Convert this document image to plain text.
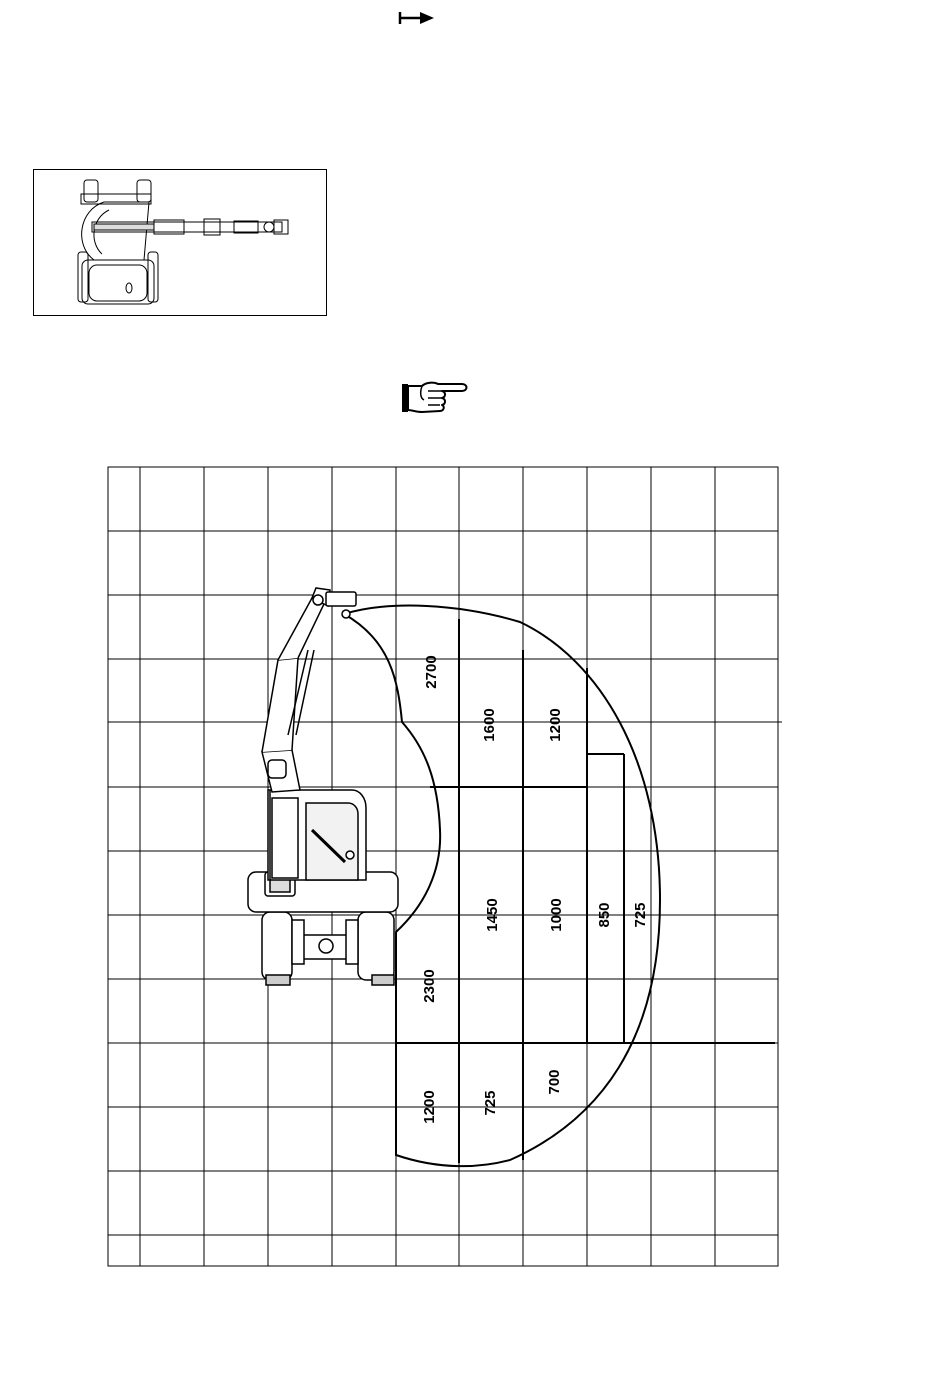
2700
1600	1200
1450	1000 850 725
2300
1200	725
700
